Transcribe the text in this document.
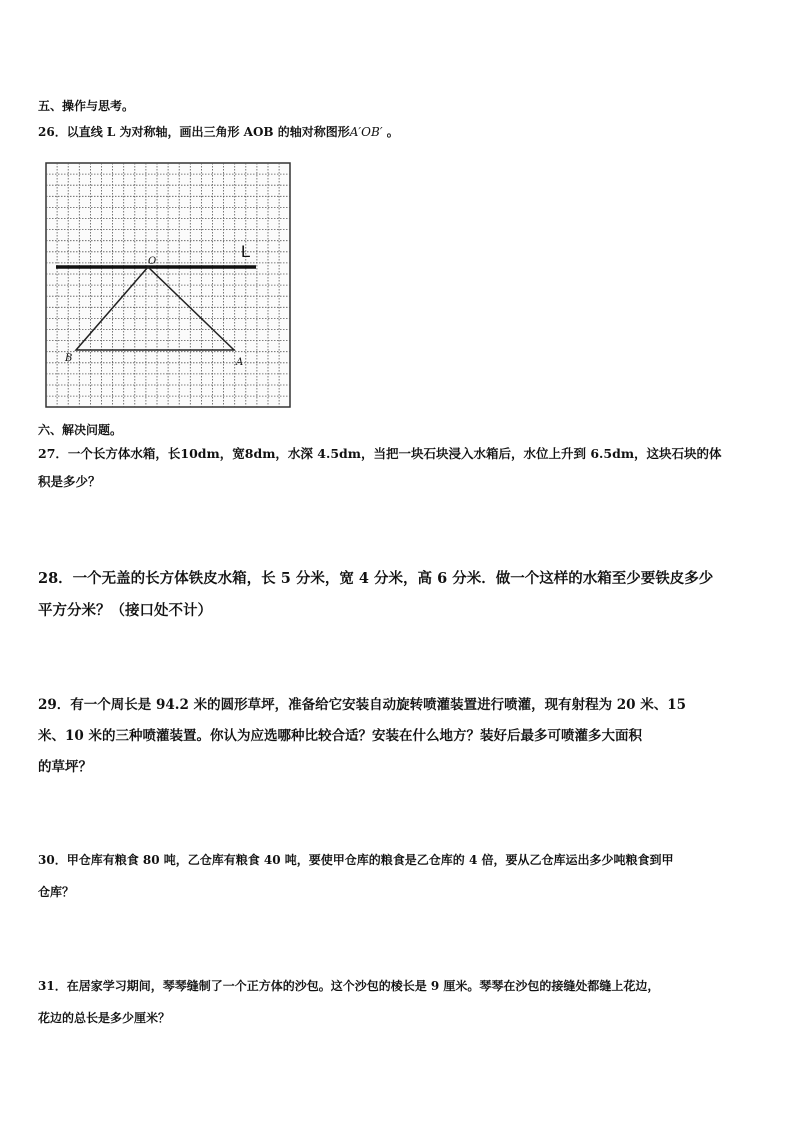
五、操作与思考。
26．以直线 L 为对称轴，画出三角形 AOB 的轴对称图形A′OB′ 。
L
O
B	A
六、解决问题。
27．一个长方体水箱，长10dm，宽8dm，水深 4.5dm，当把一块石块浸入水箱后，水位上升到 6.5dm，这块石块的体
积是多少？
28．一个无盖的长方体铁皮水箱，长 5 分米，宽 4 分米，高 6 分米．做一个这样的水箱至少要铁皮多少
平方分米？（接口处不计）
29．有一个周长是 94.2 米的圆形草坪，准备给它安装自动旋转喷灌装置进行喷灌，现有射程为 20 米、15
米、10 米的三种喷灌装置。你认为应选哪种比较合适？安装在什么地方？装好后最多可喷灌多大面积
的草坪？
30．甲仓库有粮食 80 吨，乙仓库有粮食 40 吨，要使甲仓库的粮食是乙仓库的 4 倍，要从乙仓库运出多少吨粮食到甲
仓库？
31．在居家学习期间，琴琴缝制了一个正方体的沙包。这个沙包的棱长是 9 厘米。琴琴在沙包的接缝处都缝上花边，
花边的总长是多少厘米？
